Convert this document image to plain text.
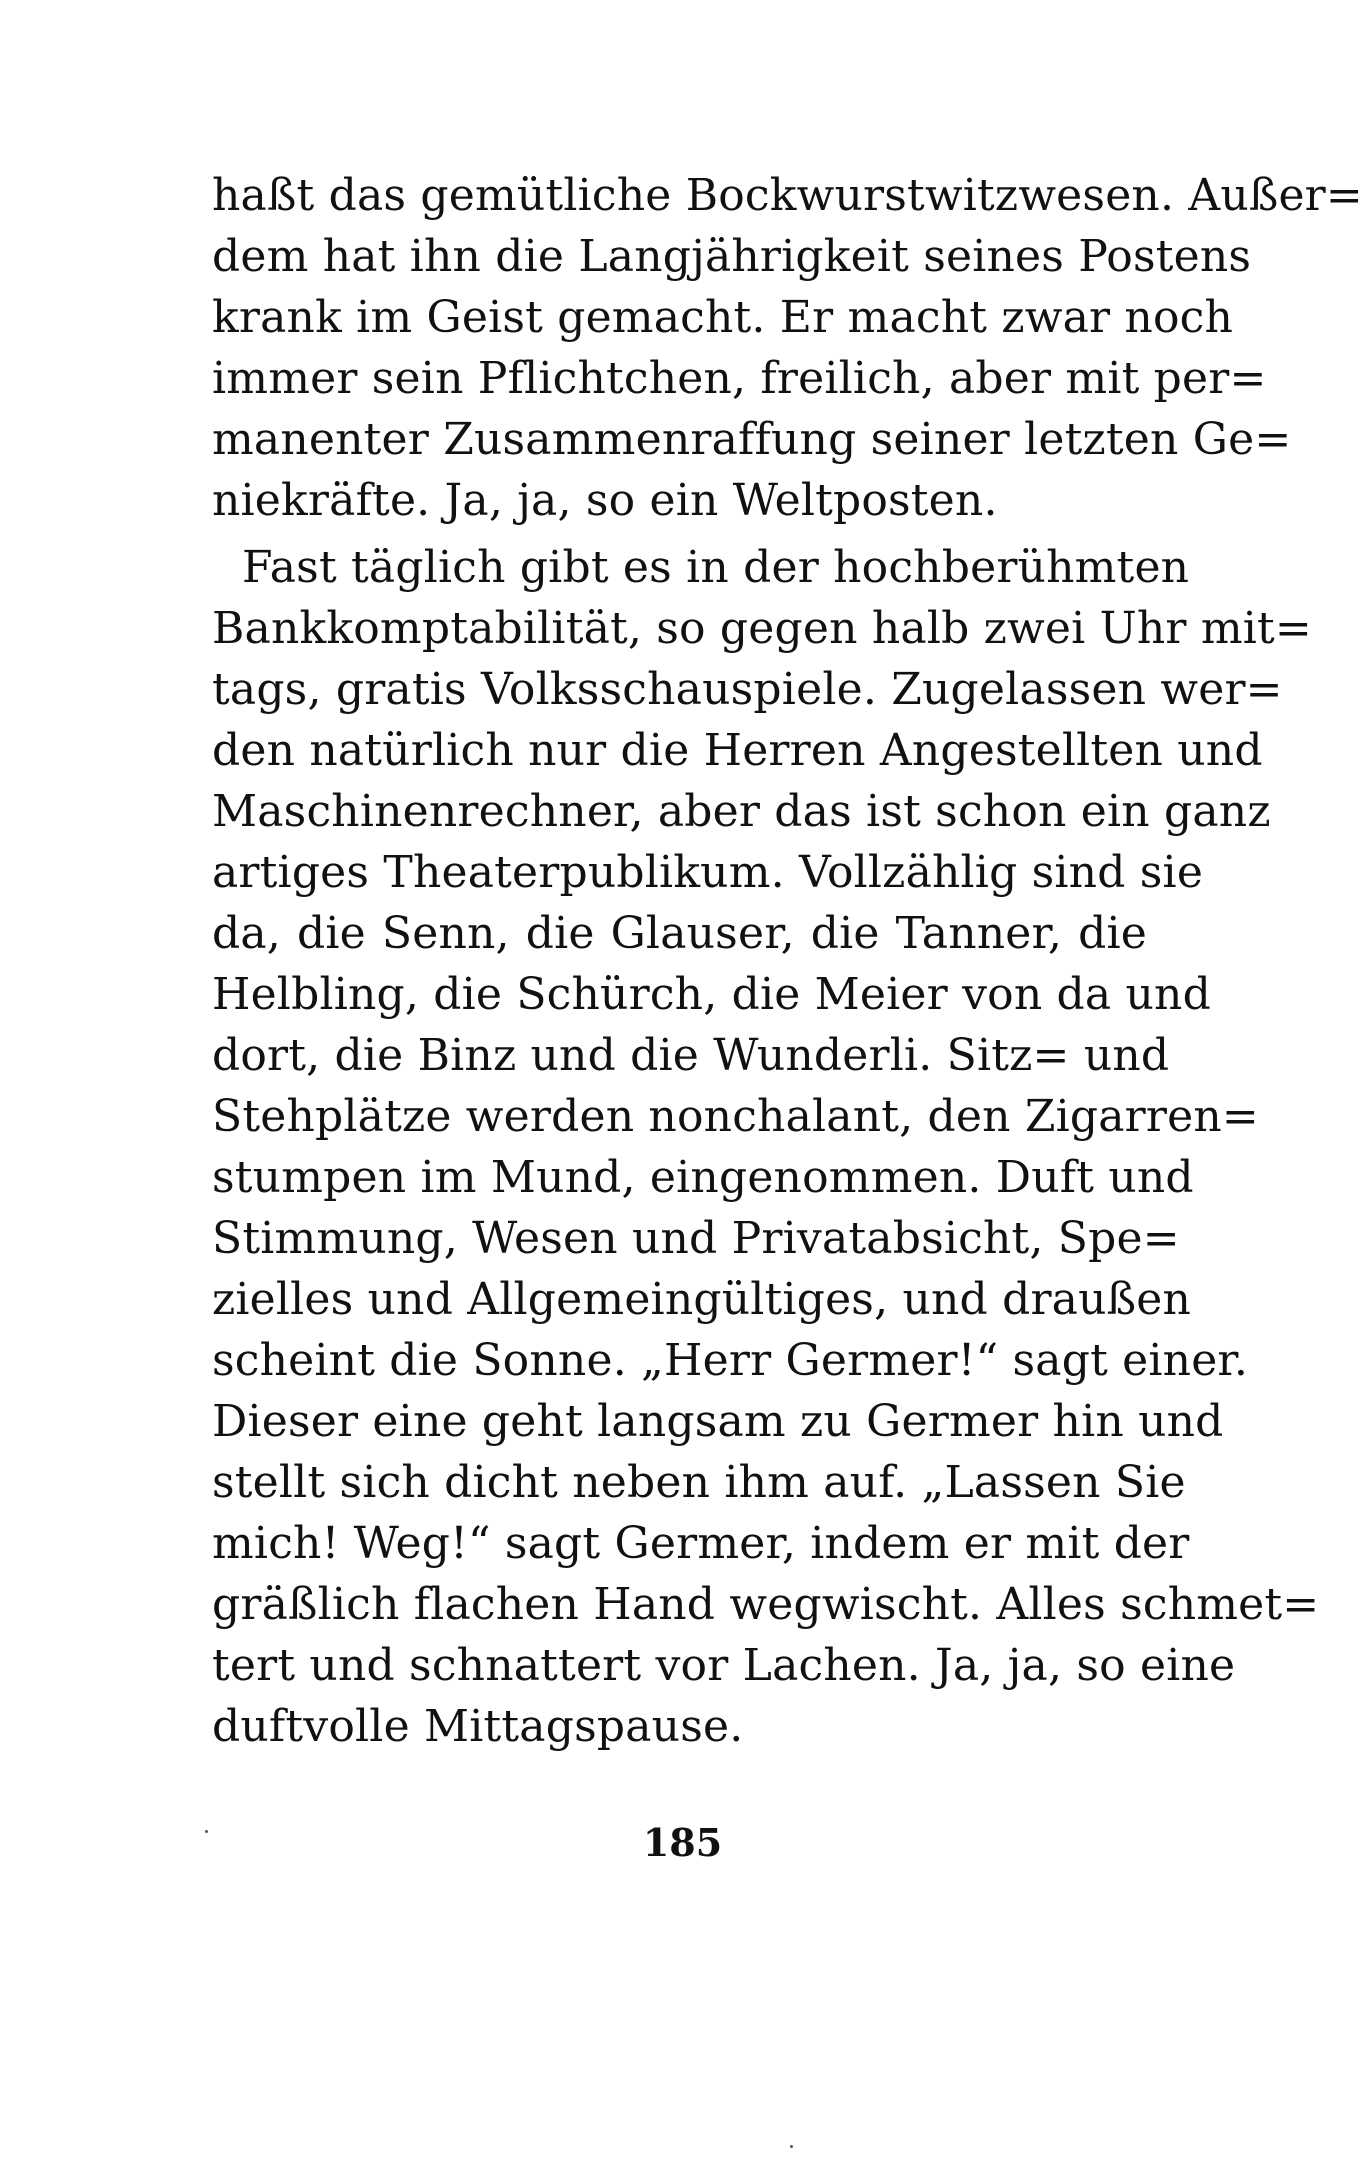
haßt das gemütliche Bockwurstwitzwesen. Außer=
dem hat ihn die Langjährigkeit seines Postens
krank im Geist gemacht. Er macht zwar noch
immer sein Pflichtchen, freilich, aber mit per=
manenter Zusammenraffung seiner letzten Ge=
niekräfte. Ja, ja, so ein Weltposten.
Fast täglich gibt es in der hochberühmten
Bankkomptabilität, so gegen halb zwei Uhr mit=
tags, gratis Volksschauspiele. Zugelassen wer=
den natürlich nur die Herren Angestellten und
Maschinenrechner, aber das ist schon ein ganz
artiges Theaterpublikum. Vollzählig sind sie
da, die Senn, die Glauser, die Tanner, die
Helbling, die Schürch, die Meier von da und
dort, die Binz und die Wunderli. Sitz= und
Stehplätze werden nonchalant, den Zigarren=
stumpen im Mund, eingenommen. Duft und
Stimmung, Wesen und Privatabsicht, Spe=
zielles und Allgemeingültiges, und draußen
scheint die Sonne. „Herr Germer!“ sagt einer.
Dieser eine geht langsam zu Germer hin und
stellt sich dicht neben ihm auf. „Lassen Sie
mich! Weg!“ sagt Germer, indem er mit der
gräßlich flachen Hand wegwischt. Alles schmet=
tert und schnattert vor Lachen. Ja, ja, so eine
duftvolle Mittagspause.
185
